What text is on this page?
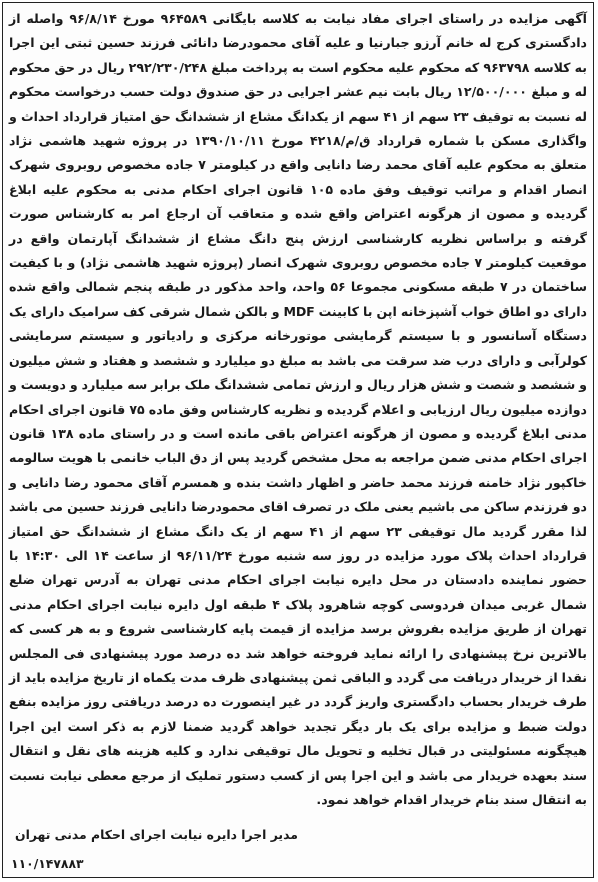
آگهی مزایده در راستای اجرای مفاد نیابت به کلاسه بایگانی ۹۶۴۵۸۹ مورخ ۹۶/۸/۱۴ واصله از دادگستری کرج له خانم آرزو جبارنیا و علیه آقای محمودرضا دانائی فرزند حسین ثبتی این اجرا به کلاسه ۹۶۳۷۹۸ که محکوم علیه محکوم است به پرداخت مبلغ ۲۹۲/۲۳۰/۲۴۸ ریال در حق محکوم له و مبلغ ۱۲/۵۰۰/۰۰۰ ریال بابت نیم عشر اجرایی در حق صندوق دولت حسب درخواست محکوم له نسبت به توقیف ۲۳ سهم از ۴۱ سهم از یکدانگ مشاع از ششدانگ حق امتیاز قرارداد احداث و واگذاری مسکن با شماره قرارداد ق/م/۴۲۱۸ مورخ ۱۳۹۰/۱۰/۱۱ در پروژه شهید هاشمی نژاد متعلق به محکوم علیه آقای محمد رضا دانایی واقع در کیلومتر ۷ جاده مخصوص روبروی شهرک انصار اقدام و مراتب توقیف وفق ماده ۱۰۵ قانون اجرای احکام مدنی به محکوم علیه ابلاغ گردیده و مصون از هرگونه اعتراض واقع شده و متعاقب آن ارجاع امر به کارشناس صورت گرفته و براساس نظریه کارشناسی ارزش پنج دانگ مشاع از ششدانگ آپارتمان واقع در موقعیت کیلومتر ۷ جاده مخصوص روبروی شهرک انصار (پروژه شهید هاشمی نژاد) و با کیفیت ساختمان در ۷ طبقه مسکونی مجموعا ۵۶ واحد، واحد مذکور در طبقه پنجم شمالی واقع شده دارای دو اطاق خواب آشپزخانه اپن با کابینت MDF و بالکن شمال شرقی کف سرامیک دارای یک دستگاه آسانسور و با سیستم گرمایشی موتورخانه مرکزی و رادیاتور و سیستم سرمایشی کولرآبی و دارای درب ضد سرقت می باشد به مبلغ دو میلیارد و ششصد و هفتاد و شش میلیون و ششصد و شصت و شش هزار ریال و ارزش تمامی ششدانگ ملک برابر سه میلیارد و دویست و دوازده میلیون ریال ارزیابی و اعلام گردیده و نظریه کارشناس وفق ماده ۷۵ قانون اجرای احکام مدنی ابلاغ گردیده و مصون از هرگونه اعتراض باقی مانده است و در راستای ماده ۱۳۸ قانون اجرای احکام مدنی ضمن مراجعه به محل مشخص گردید پس از دق الباب خانمی با هویت سالومه خاکپور نژاد خامنه فرزند محمد حاضر و اظهار داشت بنده و همسرم آقای محمود رضا دانایی و دو فرزندم ساکن می باشیم یعنی ملک در تصرف اقای محمودرضا دانایی فرزند حسین می باشد لذا مقرر گردید مال توقیفی ۲۳ سهم از ۴۱ سهم از یک دانگ مشاع از ششدانگ حق امتیاز قرارداد احداث پلاک مورد مزایده در روز سه شنبه مورخ ۹۶/۱۱/۲۴ از ساعت ۱۴ الی ۱۴:۳۰ با حضور نماینده دادستان در محل دایره نیابت اجرای احکام مدنی تهران به آدرس تهران ضلع شمال غربی میدان فردوسی کوچه شاهرود پلاک ۴ طبقه اول دایره نیابت اجرای احکام مدنی تهران از طریق مزایده بفروش برسد مزایده از قیمت پایه کارشناسی شروع و به هر کسی که بالاترین نرخ پیشنهادی را ارائه نماید فروخته خواهد شد ده درصد مورد پیشنهادی فی المجلس نقدا از خریدار دریافت می گردد و الباقی ثمن پیشنهادی ظرف مدت یکماه از تاریخ مزایده باید از طرف خریدار بحساب دادگستری واریز گردد در غیر اینصورت ده درصد دریافتی روز مزایده بنفع دولت ضبط و مزایده برای یک بار دیگر تجدید خواهد گردید ضمنا لازم به ذکر است این اجرا هیچگونه مسئولیتی در قبال تخلیه و تحویل مال توقیفی ندارد و کلیه هزینه های نقل و انتقال سند بعهده خریدار می باشد و این اجرا پس از کسب دستور تملیک از مرجع معطی نیابت نسبت به انتقال سند بنام خریدار اقدام خواهد نمود.
مدیر اجرا دایره نیابت اجرای احکام مدنی تهران
۱۱۰/۱۴۷۸۸۳
